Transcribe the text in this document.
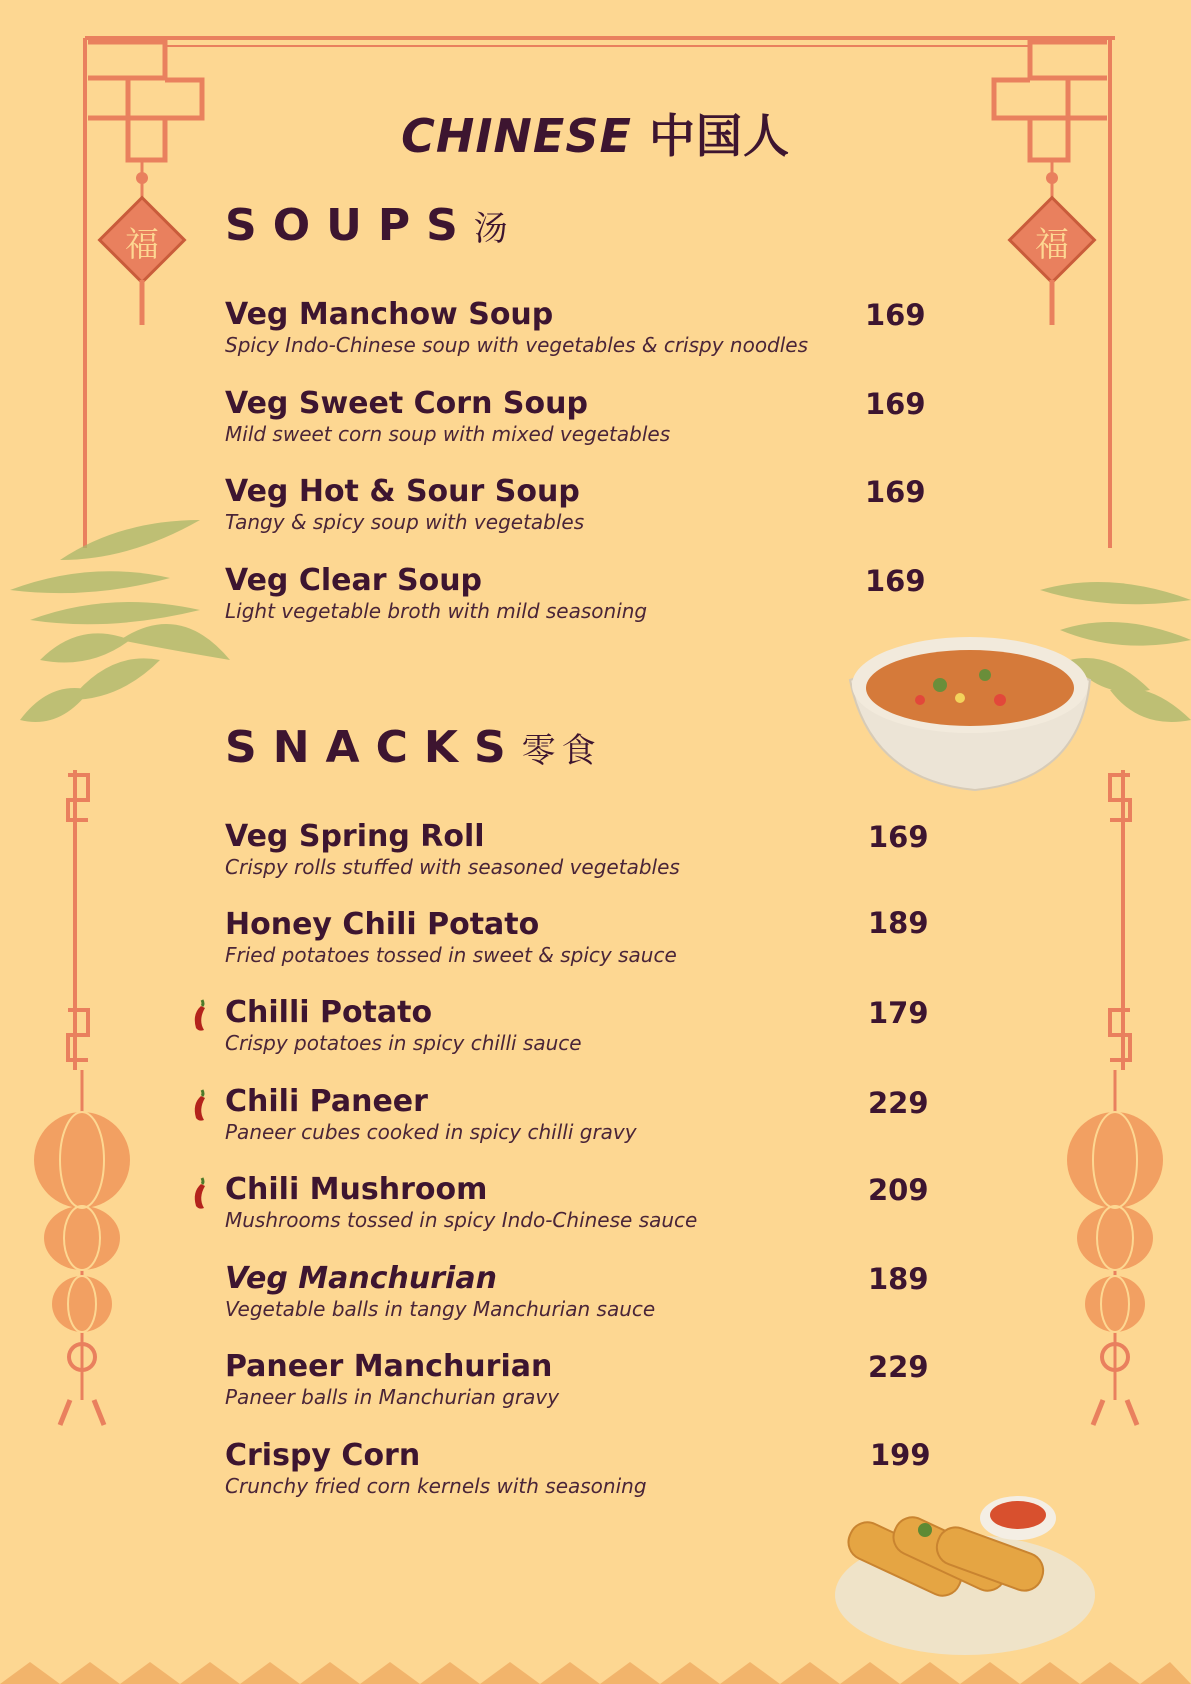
福	福
CHINESE 中国人
SOUPS汤
Veg Manchow Soup
Spicy Indo-Chinese soup with vegetables & crispy noodles
169
Veg Sweet Corn Soup
Mild sweet corn soup with mixed vegetables
169
Veg Hot & Sour Soup
Tangy & spicy soup with vegetables
169
Veg Clear Soup
Light vegetable broth with mild seasoning
169
SNACKS零食
Veg Spring Roll
Crispy rolls stuffed with seasoned vegetables
169
Honey Chili Potato
Fried potatoes tossed in sweet & spicy sauce
189
Chilli Potato
Crispy potatoes in spicy chilli sauce
179
Chili Paneer
Paneer cubes cooked in spicy chilli gravy
229
Chili Mushroom
Mushrooms tossed in spicy Indo-Chinese sauce
209
Veg Manchurian
Vegetable balls in tangy Manchurian sauce
189
Paneer Manchurian
Paneer balls in Manchurian gravy
229
Crispy Corn
Crunchy fried corn kernels with seasoning
199
